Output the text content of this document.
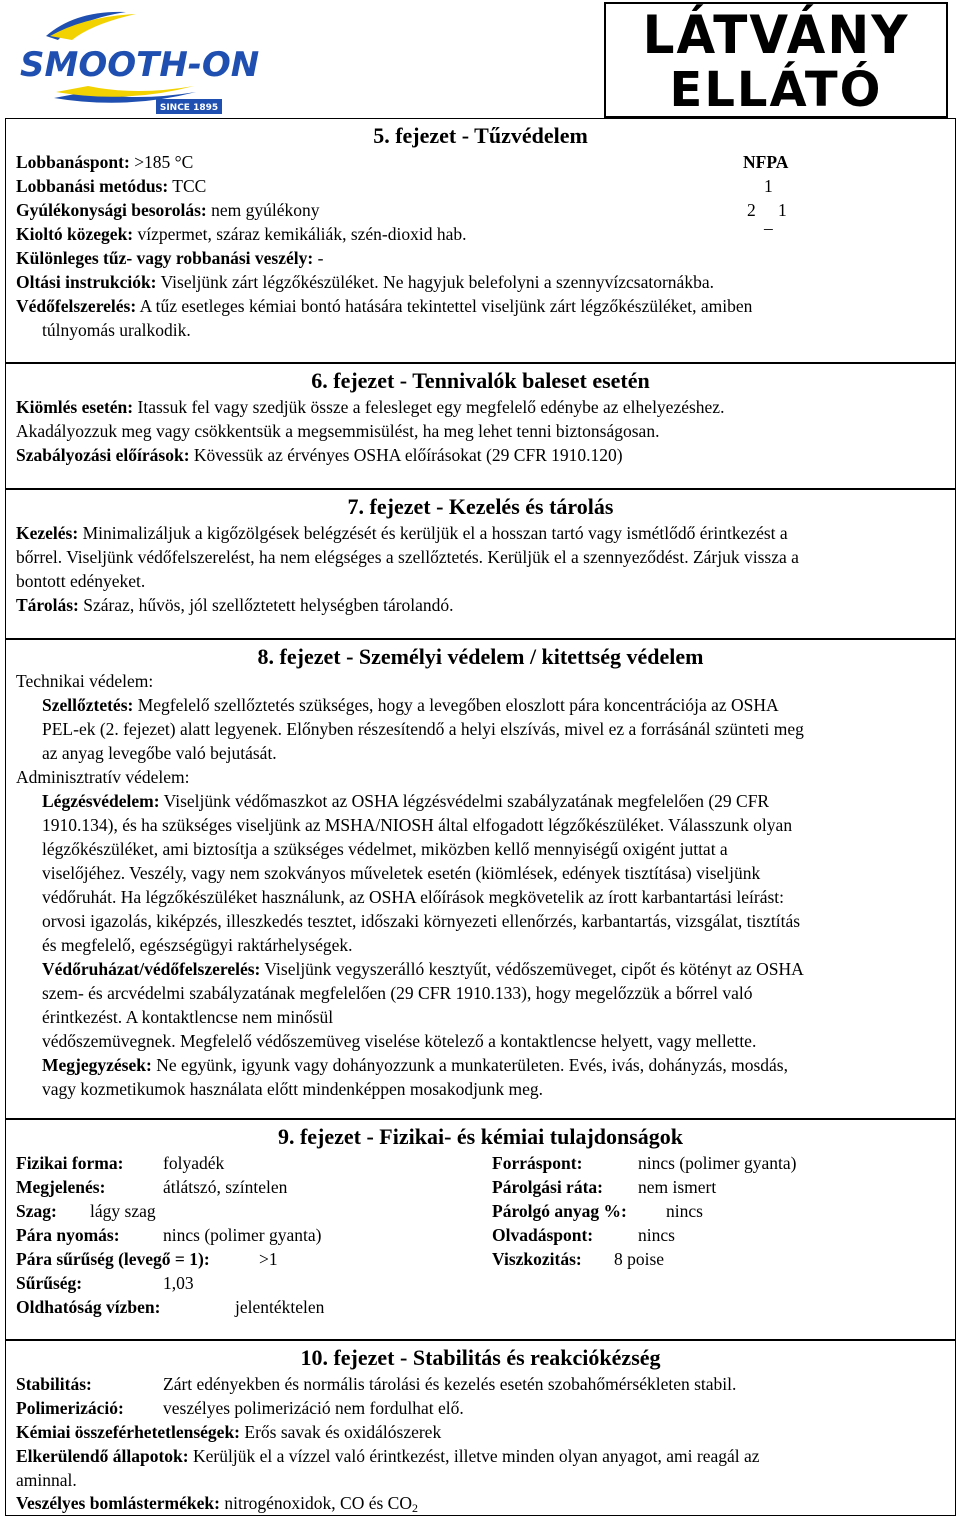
SMOOTH-ON
SINCE 1895
LÁTVÁNY
ELLÁTÓ
5. fejezet - Tűzvédelem
Lobbanáspont: >185 °C	NFPA
Lobbanási metódus: TCC	1
Gyúlékonysági besorolás: nem gyúlékony	2 1
Kioltó közegek: vízpermet, száraz kemikáliák, szén-dioxid hab.	–
Különleges tűz- vagy robbanási veszély: -
Oltási instrukciók: Viseljünk zárt légzőkészüléket. Ne hagyjuk belefolyni a szennyvízcsatornákba.
Védőfelszerelés: A tűz esetleges kémiai bontó hatására tekintettel viseljünk zárt légzőkészüléket, amiben
túlnyomás uralkodik.
6. fejezet - Tennivalók baleset esetén
Kiömlés esetén: Itassuk fel vagy szedjük össze a felesleget egy megfelelő edénybe az elhelyezéshez.
Akadályozzuk meg vagy csökkentsük a megsemmisülést, ha meg lehet tenni biztonságosan.
Szabályozási előírások: Kövessük az érvényes OSHA előírásokat (29 CFR 1910.120)
7. fejezet - Kezelés és tárolás
Kezelés: Minimalizáljuk a kigőzölgések belégzését és kerüljük el a hosszan tartó vagy ismétlődő érintkezést a
bőrrel. Viseljünk védőfelszerelést, ha nem elégséges a szellőztetés. Kerüljük el a szennyeződést. Zárjuk vissza a
bontott edényeket.
Tárolás: Száraz, hűvös, jól szellőztetett helységben tárolandó.
8. fejezet - Személyi védelem / kitettség védelem
Technikai védelem:
Szellőztetés: Megfelelő szellőztetés szükséges, hogy a levegőben eloszlott pára koncentrációja az OSHA
PEL-ek (2. fejezet) alatt legyenek. Előnyben részesítendő a helyi elszívás, mivel ez a forrásánál szünteti meg
az anyag levegőbe való bejutását.
Adminisztratív védelem:
Légzésvédelem: Viseljünk védőmaszkot az OSHA légzésvédelmi szabályzatának megfelelően (29 CFR
1910.134), és ha szükséges viseljünk az MSHA/NIOSH által elfogadott légzőkészüléket. Válasszunk olyan
légzőkészüléket, ami biztosítja a szükséges védelmet, miközben kellő mennyiségű oxigént juttat a
viselőjéhez. Veszély, vagy nem szokványos műveletek esetén (kiömlések, edények tisztítása) viseljünk
védőruhát. Ha légzőkészüléket használunk, az OSHA előírások megkövetelik az írott karbantartási leírást:
orvosi igazolás, kiképzés, illeszkedés tesztet, időszaki környezeti ellenőrzés, karbantartás, vizsgálat, tisztítás
és megfelelő, egészségügyi raktárhelységek.
Védőruházat/védőfelszerelés: Viseljünk vegyszerálló kesztyűt, védőszemüveget, cipőt és kötényt az OSHA
szem- és arcvédelmi szabályzatának megfelelően (29 CFR 1910.133), hogy megelőzzük a bőrrel való
érintkezést. A kontaktlencse nem minősül
védőszemüvegnek. Megfelelő védőszemüveg viselése kötelező a kontaktlencse helyett, vagy mellette.
Megjegyzések: Ne együnk, igyunk vagy dohányozzunk a munkaterületen. Evés, ivás, dohányzás, mosdás,
vagy kozmetikumok használata előtt mindenképpen mosakodjunk meg.
9. fejezet - Fizikai- és kémiai tulajdonságok
Fizikai forma: folyadék
Megjelenés:	átlátszó, színtelen
Szag: lágy szag
Pára nyomás: nincs (polimer gyanta)
Pára sűrűség (levegő = 1):	>1
Sűrűség:	1,03
Oldhatóság vízben:	jelentéktelen
Forráspont:	nincs (polimer gyanta)
Párolgási ráta: nem ismert
Párolgó anyag %: nincs
Olvadáspont:	nincs
Viszkozitás: 8 poise
10. fejezet - Stabilitás és reakciókézség
Stabilitás:	Zárt edényekben és normális tárolási és kezelés esetén szobahőmérsékleten stabil.
Polimerizáció: veszélyes polimerizáció nem fordulhat elő.
Kémiai összeférhetetlenségek: Erős savak és oxidálószerek
Elkerülendő állapotok: Kerüljük el a vízzel való érintkezést, illetve minden olyan anyagot, ami reagál az
aminnal.
Veszélyes bomlástermékek: nitrogénoxidok, CO és $CO_2$
